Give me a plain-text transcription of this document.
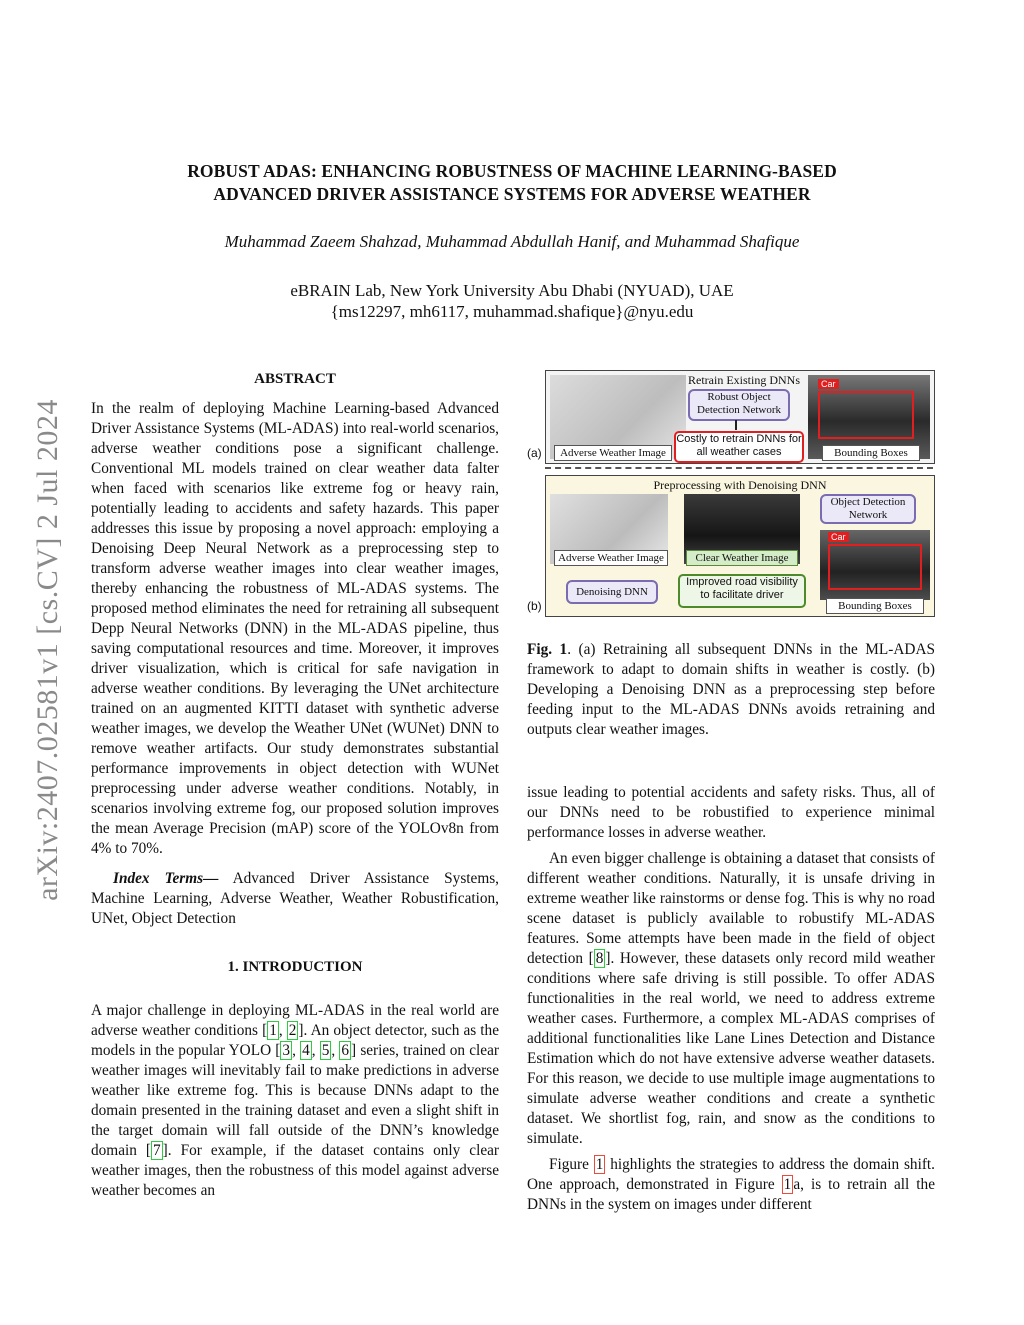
arXiv:2407.02581v1 [cs.CV] 2 Jul 2024
ROBUST ADAS: ENHANCING ROBUSTNESS OF MACHINE LEARNING-BASED
ADVANCED DRIVER ASSISTANCE SYSTEMS FOR ADVERSE WEATHER
Muhammad Zaeem Shahzad, Muhammad Abdullah Hanif, and Muhammad Shafique
eBRAIN Lab, New York University Abu Dhabi (NYUAD), UAE
{ms12297, mh6117, muhammad.shafique}@nyu.edu
ABSTRACT

In the realm of deploying Machine Learning-based Advanced Driver Assistance Systems (ML-ADAS) into real-world scenarios, adverse weather conditions pose a significant challenge. Conventional ML models trained on clear weather data falter when faced with scenarios like extreme fog or heavy rain, potentially leading to accidents and safety hazards. This paper addresses this issue by proposing a novel approach: employing a Denoising Deep Neural Network as a preprocessing step to transform adverse weather images into clear weather images, thereby enhancing the robustness of ML-ADAS systems. The proposed method eliminates the need for retraining all subsequent Depp Neural Networks (DNN) in the ML-ADAS pipeline, thus saving computational resources and time. Moreover, it improves driver visualization, which is critical for safe navigation in adverse weather conditions. By leveraging the UNet architecture trained on an augmented KITTI dataset with synthetic adverse weather images, we develop the Weather UNet (WUNet) DNN to remove weather artifacts. Our study demonstrates substantial performance improvements in object detection with WUNet preprocessing under adverse weather conditions. Notably, in scenarios involving extreme fog, our proposed solution improves the mean Average Precision (mAP) score of the YOLOv8n from 4% to 70%.

Index Terms— Advanced Driver Assistance Systems, Machine Learning, Adverse Weather, Weather Robustification, UNet, Object Detection

1. INTRODUCTION

A major challenge in deploying ML-ADAS in the real world are adverse weather conditions [ 1 , 2 ]. An object detector, such as the models in the popular YOLO [ 3 , 4 , 5 , 6 ] series, trained on clear weather images will inevitably fail to make predictions in adverse weather like extreme fog. This is because DNNs adapt to the domain presented in the training dataset and even a slight shift in the target domain will fall outside of the DNN’s knowledge domain [ 7 ]. For example, if the dataset contains only clear weather images, then the robustness of this model against adverse weather becomes an

Retrain Existing DNNs
Adverse Weather Image
Robust Object Detection Network
Costly to retrain DNNs for all weather cases
Car
Bounding Boxes
(a)
Preprocessing with Denoising DNN
Adverse Weather Image
Denoising DNN
Clear Weather Image
Improved road visibility to facilitate driver
Object Detection Network
Car
Bounding Boxes
(b)

Fig. 1. (a) Retraining all subsequent DNNs in the ML-ADAS framework to adapt to domain shifts in weather is costly. (b) Developing a Denoising DNN as a preprocessing step before feeding input to the ML-ADAS DNNs avoids retraining and outputs clear weather images.

issue leading to potential accidents and safety risks. Thus, all of our DNNs need to be robustified to experience minimal performance losses in adverse weather.

An even bigger challenge is obtaining a dataset that consists of different weather conditions. Naturally, it is unsafe driving in extreme weather like rainstorms or dense fog. This is why no road scene dataset is publicly available to robustify ML-ADAS features. Some attempts have been made in the field of object detection [ 8 ]. However, these datasets only record mild weather conditions where safe driving is still possible. To offer ADAS functionalities in the real world, we need to address extreme weather cases. Furthermore, a complex ML-ADAS comprises of additional functionalities like Lane Lines Detection and Distance Estimation which do not have extensive adverse weather datasets. For this reason, we decide to use multiple image augmentations to simulate adverse weather conditions and create a synthetic dataset. We shortlist fog, rain, and snow as the conditions to simulate.

Figure 1 highlights the strategies to address the domain shift. One approach, demonstrated in Figure 1 a, is to retrain all the DNNs in the system on images under different
